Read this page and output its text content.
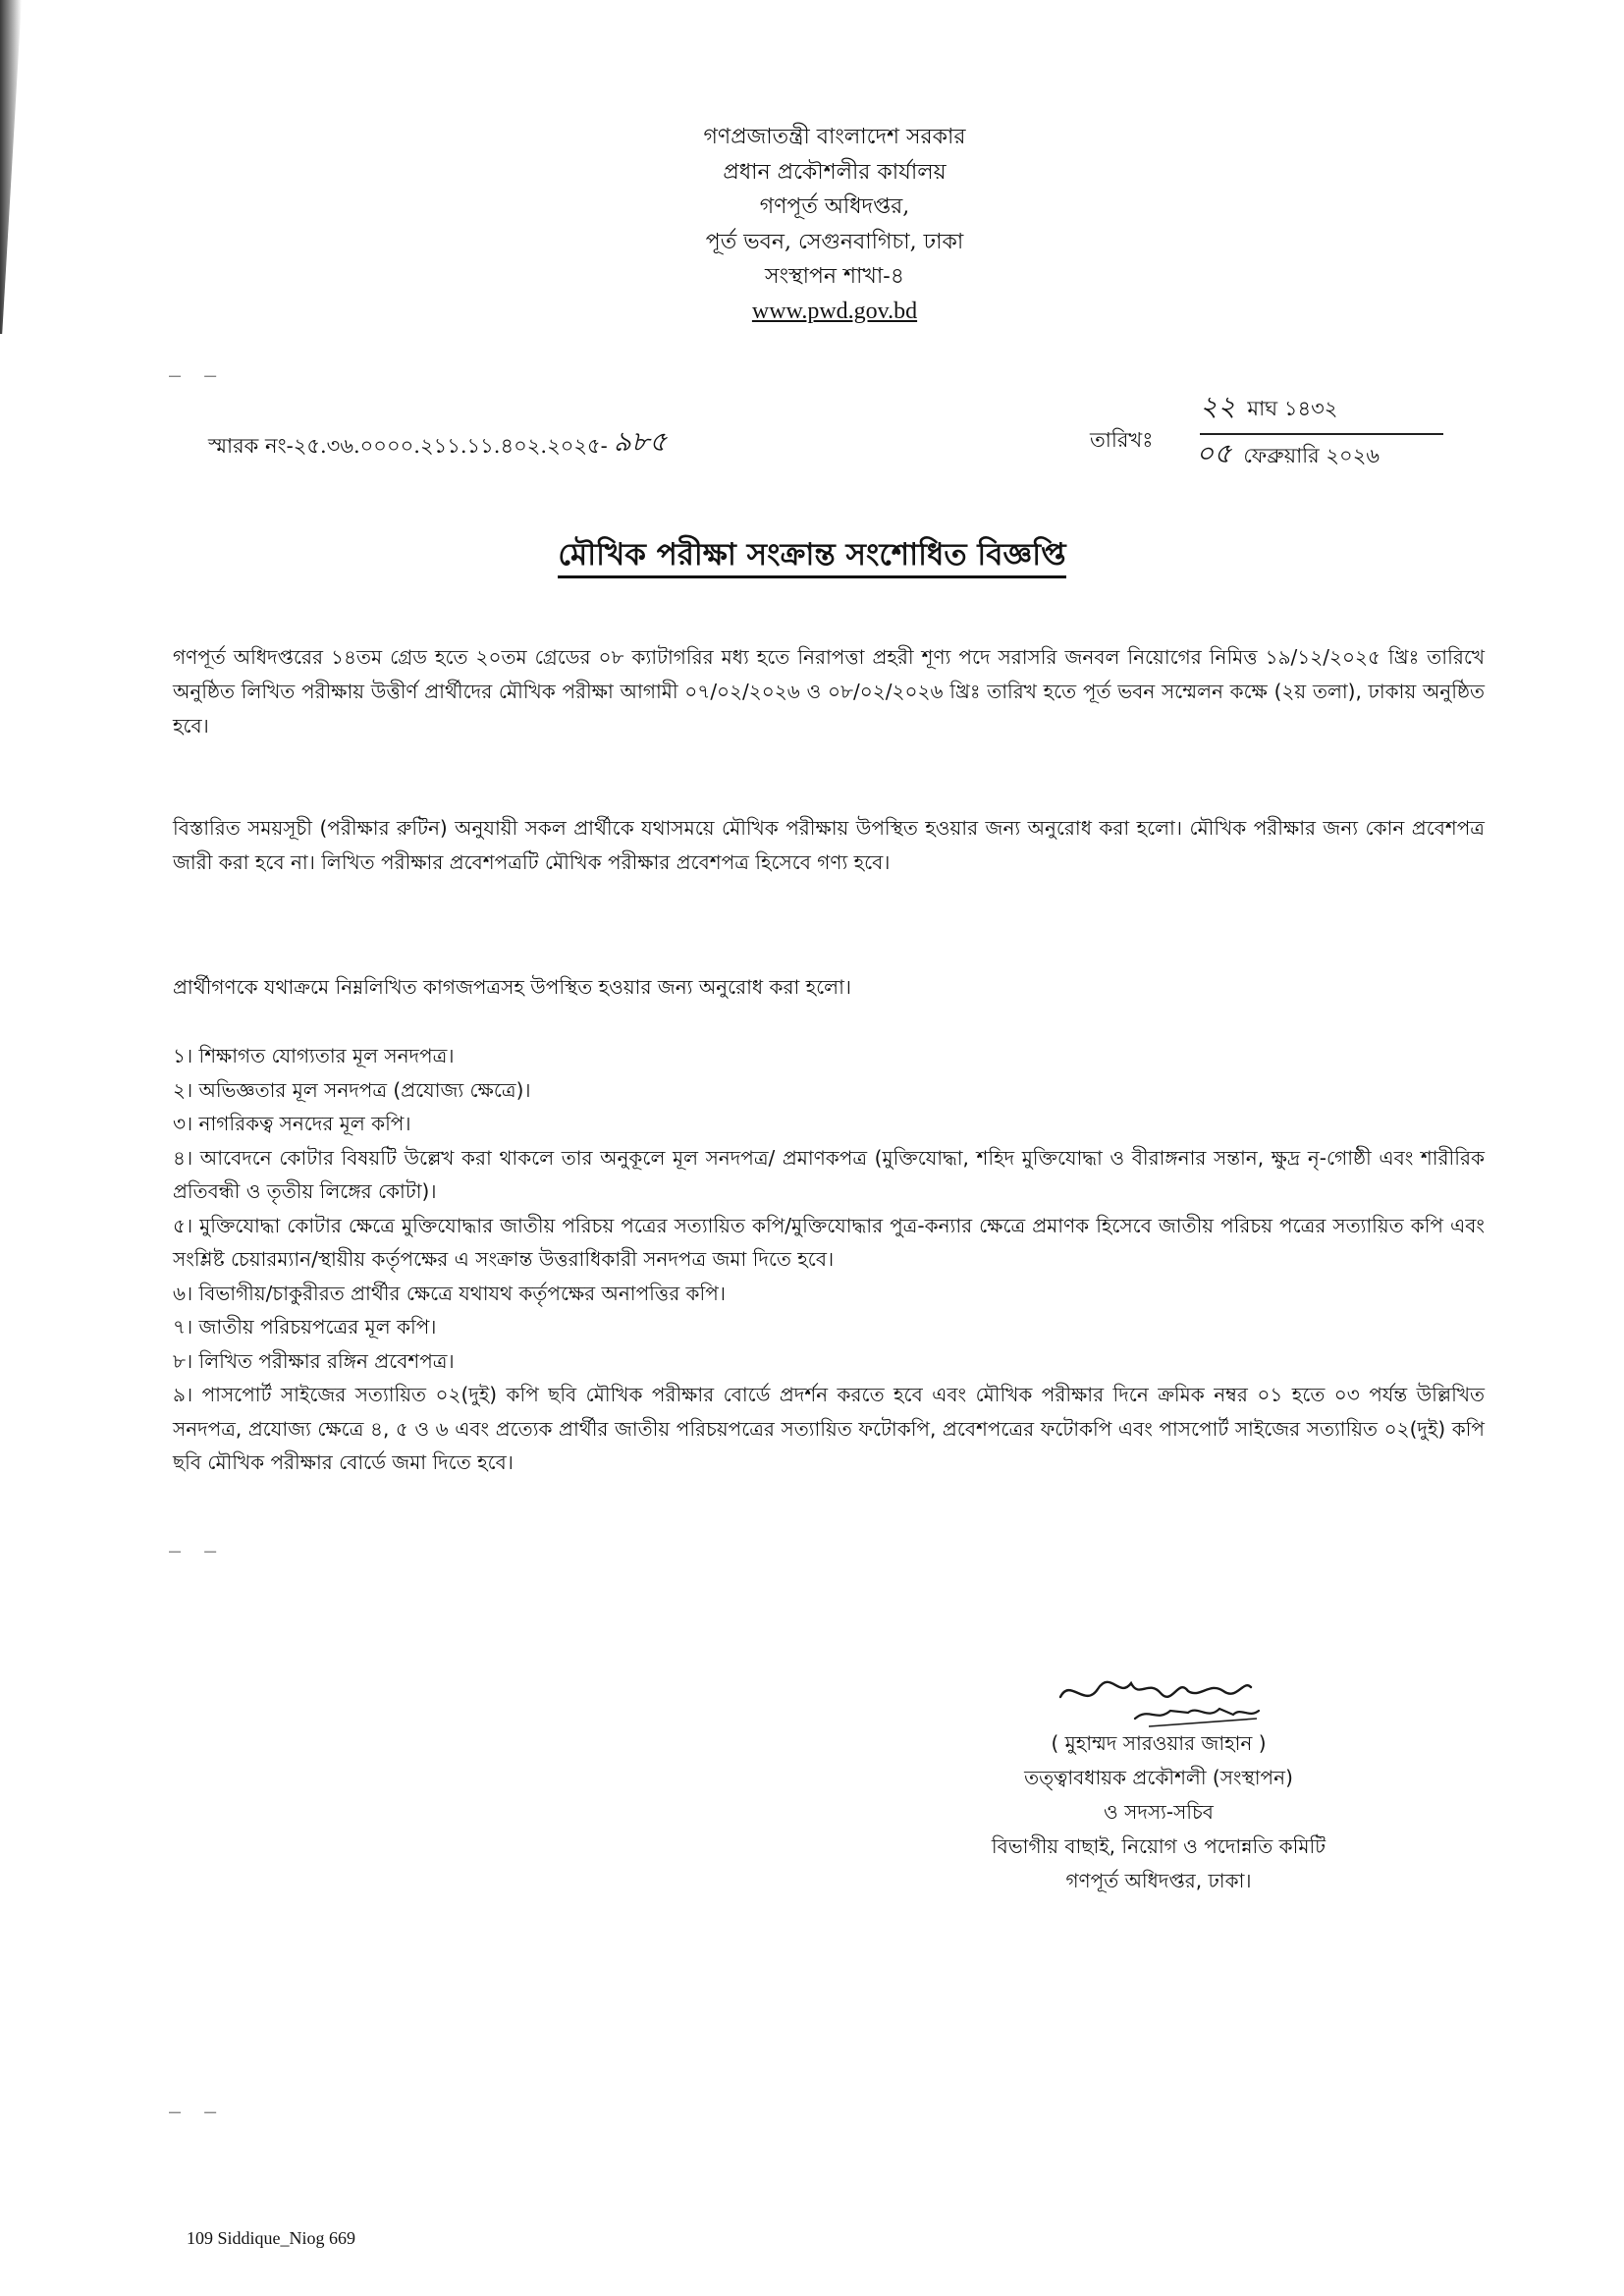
‒ ‒
‒ ‒
‒ ‒
গণপ্রজাতন্ত্রী বাংলাদেশ সরকার
প্রধান প্রকৌশলীর কার্যালয়
গণপূর্ত অধিদপ্তর,
পূর্ত ভবন, সেগুনবাগিচা, ঢাকা
সংস্থাপন শাখা-৪
www.pwd.gov.bd
স্মারক নং-২৫.৩৬.০০০০.২১১.১১.৪০২.২০২৫- ৯৮৫	তারিখঃ
২২ মাঘ ১৪৩২
০৫ ফেব্রুয়ারি ২০২৬
মৌখিক পরীক্ষা সংক্রান্ত সংশোধিত বিজ্ঞপ্তি
গণপূর্ত অধিদপ্তরের ১৪তম গ্রেড হতে ২০তম গ্রেডের ০৮ ক্যাটাগরির মধ্য হতে নিরাপত্তা প্রহরী শূণ্য পদে সরাসরি জনবল নিয়োগের নিমিত্ত ১৯/১২/২০২৫ খ্রিঃ তারিখে অনুষ্ঠিত লিখিত পরীক্ষায় উত্তীর্ণ প্রার্থীদের মৌখিক পরীক্ষা আগামী ০৭/০২/২০২৬ ও ০৮/০২/২০২৬ খ্রিঃ তারিখ হতে পূর্ত ভবন সম্মেলন কক্ষে (২য় তলা), ঢাকায় অনুষ্ঠিত হবে।
বিস্তারিত সময়সূচী (পরীক্ষার রুটিন) অনুযায়ী সকল প্রার্থীকে যথাসময়ে মৌখিক পরীক্ষায় উপস্থিত হওয়ার জন্য অনুরোধ করা হলো। মৌখিক পরীক্ষার জন্য কোন প্রবেশপত্র জারী করা হবে না। লিখিত পরীক্ষার প্রবেশপত্রটি মৌখিক পরীক্ষার প্রবেশপত্র হিসেবে গণ্য হবে।
প্রার্থীগণকে যথাক্রমে নিম্নলিখিত কাগজপত্রসহ উপস্থিত হওয়ার জন্য অনুরোধ করা হলো।
১। শিক্ষাগত যোগ্যতার মূল সনদপত্র।
২। অভিজ্ঞতার মূল সনদপত্র (প্রযোজ্য ক্ষেত্রে)।
৩। নাগরিকত্ব সনদের মূল কপি।
৪। আবেদনে কোটার বিষয়টি উল্লেখ করা থাকলে তার অনুকূলে মূল সনদপত্র/ প্রমাণকপত্র (মুক্তিযোদ্ধা, শহিদ মুক্তিযোদ্ধা ও বীরাঙ্গনার সন্তান, ক্ষুদ্র নৃ-গোষ্ঠী এবং শারীরিক প্রতিবন্ধী ও তৃতীয় লিঙ্গের কোটা)।
৫। মুক্তিযোদ্ধা কোটার ক্ষেত্রে মুক্তিযোদ্ধার জাতীয় পরিচয় পত্রের সত্যায়িত কপি/মুক্তিযোদ্ধার পুত্র-কন্যার ক্ষেত্রে প্রমাণক হিসেবে জাতীয় পরিচয় পত্রের সত্যায়িত কপি এবং সংশ্লিষ্ট চেয়ারম্যান/স্থায়ীয় কর্তৃপক্ষের এ সংক্রান্ত উত্তরাধিকারী সনদপত্র জমা দিতে হবে।
৬। বিভাগীয়/চাকুরীরত প্রার্থীর ক্ষেত্রে যথাযথ কর্তৃপক্ষের অনাপত্তির কপি।
৭। জাতীয় পরিচয়পত্রের মূল কপি।
৮। লিখিত পরীক্ষার রঙ্গিন প্রবেশপত্র।
৯। পাসপোর্ট সাইজের সত্যায়িত ০২(দুই) কপি ছবি মৌখিক পরীক্ষার বোর্ডে প্রদর্শন করতে হবে এবং মৌখিক পরীক্ষার দিনে ক্রমিক নম্বর ০১ হতে ০৩ পর্যন্ত উল্লিখিত সনদপত্র, প্রযোজ্য ক্ষেত্রে ৪, ৫ ও ৬ এবং প্রত্যেক প্রার্থীর জাতীয় পরিচয়পত্রের সত্যায়িত ফটোকপি, প্রবেশপত্রের ফটোকপি এবং পাসপোর্ট সাইজের সত্যায়িত ০২(দুই) কপি ছবি মৌখিক পরীক্ষার বোর্ডে জমা দিতে হবে।
( মুহাম্মদ সারওয়ার জাহান )
তত্ত্বাবধায়ক প্রকৌশলী (সংস্থাপন)
ও সদস্য-সচিব
বিভাগীয় বাছাই, নিয়োগ ও পদোন্নতি কমিটি
গণপূর্ত অধিদপ্তর, ঢাকা।
109 Siddique_Niog 669
